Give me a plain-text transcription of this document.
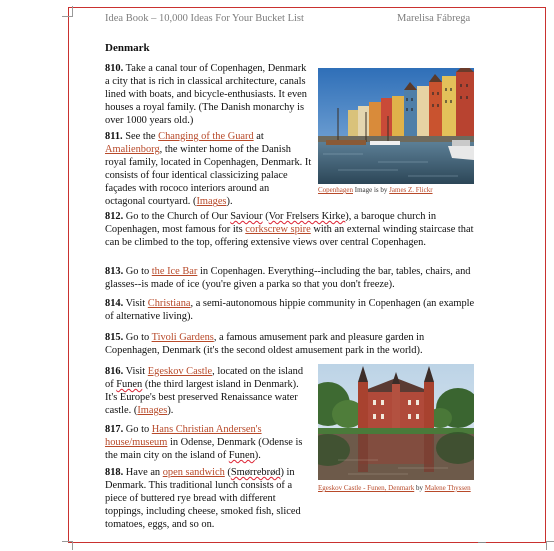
Idea Book – 10,000 Ideas For Your Bucket List	Marelisa Fábrega
Denmark

810. Take a canal tour of Copenhagen, Denmark a city that is rich in classical architecture, canals lined with boats, and bicycle-enthusiasts. It even houses a royal family. (The Danish monarchy is over 1000 years old.)

811. See the Changing of the Guard at Amalienborg, the winter home of the Danish royal family, located in Copenhagen, Denmark. It consists of four identical classicizing palace façades with rococo interiors around an octagonal courtyard. (Images).

Copenhagen Image is by James Z. Flickr

812. Go to the Church of Our Saviour (Vor Frelsers Kirke), a baroque church in Copenhagen, most famous for its corkscrew spire with an external winding staircase that can be climbed to the top, offering extensive views over central Copenhagen.

813. Go to the Ice Bar in Copenhagen. Everything--including the bar, tables, chairs, and glasses--is made of ice (you're given a parka so that you don't freeze).

814. Visit Christiana, a semi-autonomous hippie community in Copenhagen (an example of alternative living).

815. Go to Tivoli Gardens, a famous amusement park and pleasure garden in Copenhagen, Denmark (it's the second oldest amusement park in the world).

816. Visit Egeskov Castle, located on the island of Funen (the third largest island in Denmark). It's Europe's best preserved Renaissance water castle. (Images).

817. Go to Hans Christian Andersen's house/museum in Odense, Denmark (Odense is the main city on the island of Funen).

818. Have an open sandwich (Smørrebrød) in Denmark. This traditional lunch consists of a piece of buttered rye bread with different toppings, including cheese, smoked fish, sliced tomatoes, eggs, and so on.

Egeskov Castle - Funen, Denmark by Malene Thyssen
